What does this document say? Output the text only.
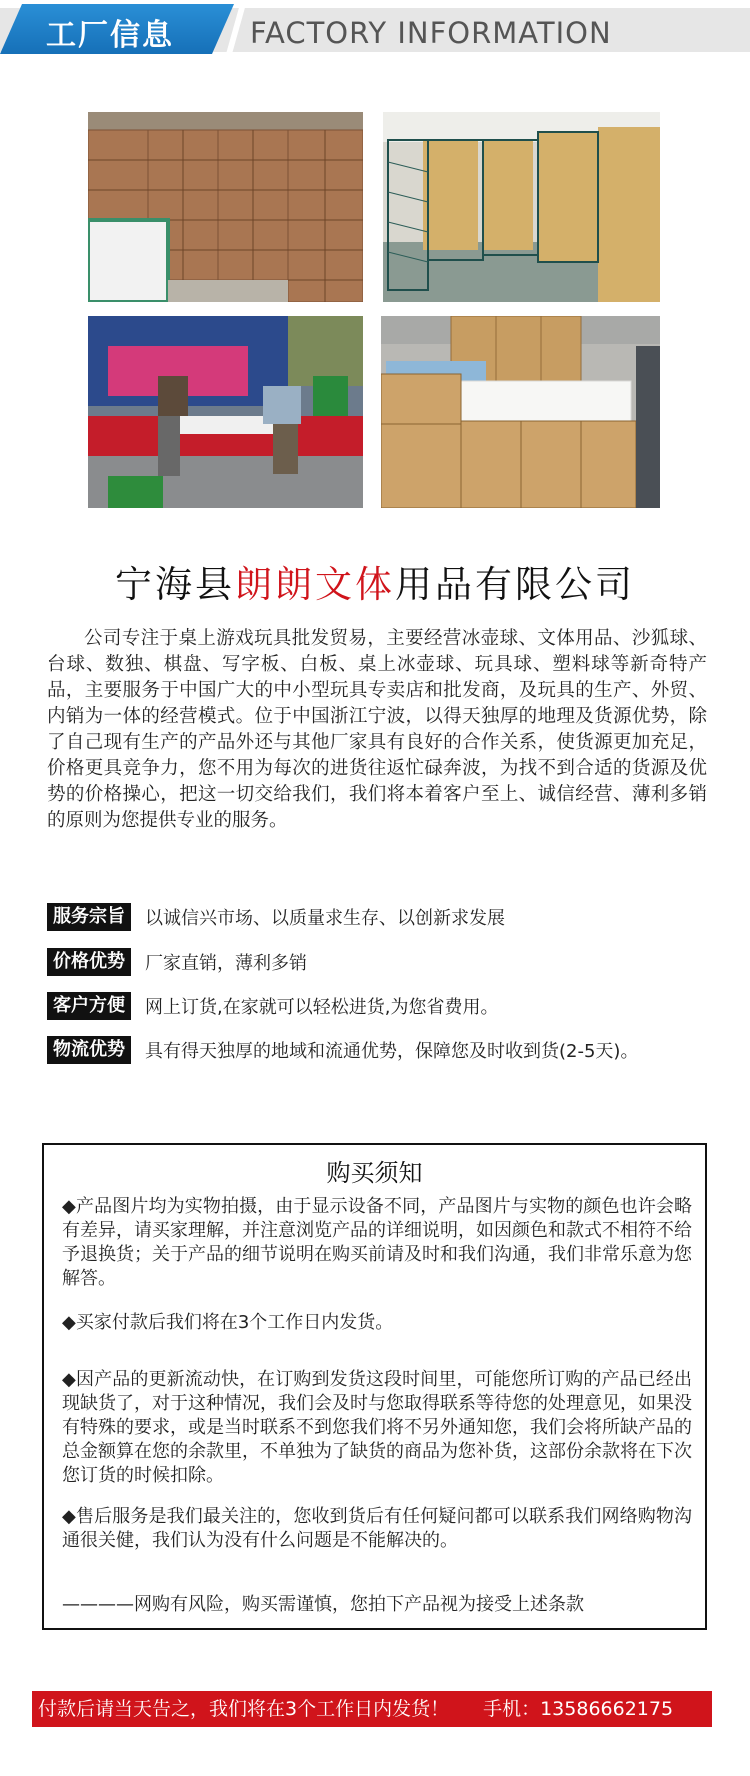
工厂信息	FACTORY INFORMATION
宁海县朗朗文体用品有限公司

公司专注于桌上游戏玩具批发贸易，主要经营冰壶球、文体用品、沙狐球、台球、数独、棋盘、写字板、白板、桌上冰壶球、玩具球、塑料球等新奇特产品，主要服务于中国广大的中小型玩具专卖店和批发商，及玩具的生产、外贸、内销为一体的经营模式。位于中国浙江宁波，以得天独厚的地理及货源优势，除了自己现有生产的产品外还与其他厂家具有良好的合作关系，使货源更加充足，价格更具竞争力，您不用为每次的进货往返忙碌奔波，为找不到合适的货源及优势的价格操心，把这一切交给我们，我们将本着客户至上、诚信经营、薄利多销的原则为您提供专业的服务。

服务宗旨	以诚信兴市场、以质量求生存、以创新求发展
价格优势	厂家直销，薄利多销
客户方便	网上订货,在家就可以轻松进货,为您省费用。
物流优势	具有得天独厚的地域和流通优势，保障您及时收到货(2-5天)。
购买须知

◆产品图片均为实物拍摄，由于显示设备不同，产品图片与实物的颜色也许会略有差异，请买家理解，并注意浏览产品的详细说明，如因颜色和款式不相符不给予退换货；关于产品的细节说明在购买前请及时和我们沟通，我们非常乐意为您解答。

◆买家付款后我们将在3个工作日内发货。

◆因产品的更新流动快，在订购到发货这段时间里，可能您所订购的产品已经出现缺货了，对于这种情况，我们会及时与您取得联系等待您的处理意见，如果没有特殊的要求，或是当时联系不到您我们将不另外通知您，我们会将所缺产品的总金额算在您的余款里，不单独为了缺货的商品为您补货，这部份余款将在下次您订货的时候扣除。

◆售后服务是我们最关注的，您收到货后有任何疑问都可以联系我们网络购物沟通很关健，我们认为没有什么问题是不能解决的。

————网购有风险，购买需谨慎，您拍下产品视为接受上述条款

付款后请当天告之，我们将在3个工作日内发货！ 手机：13586662175
